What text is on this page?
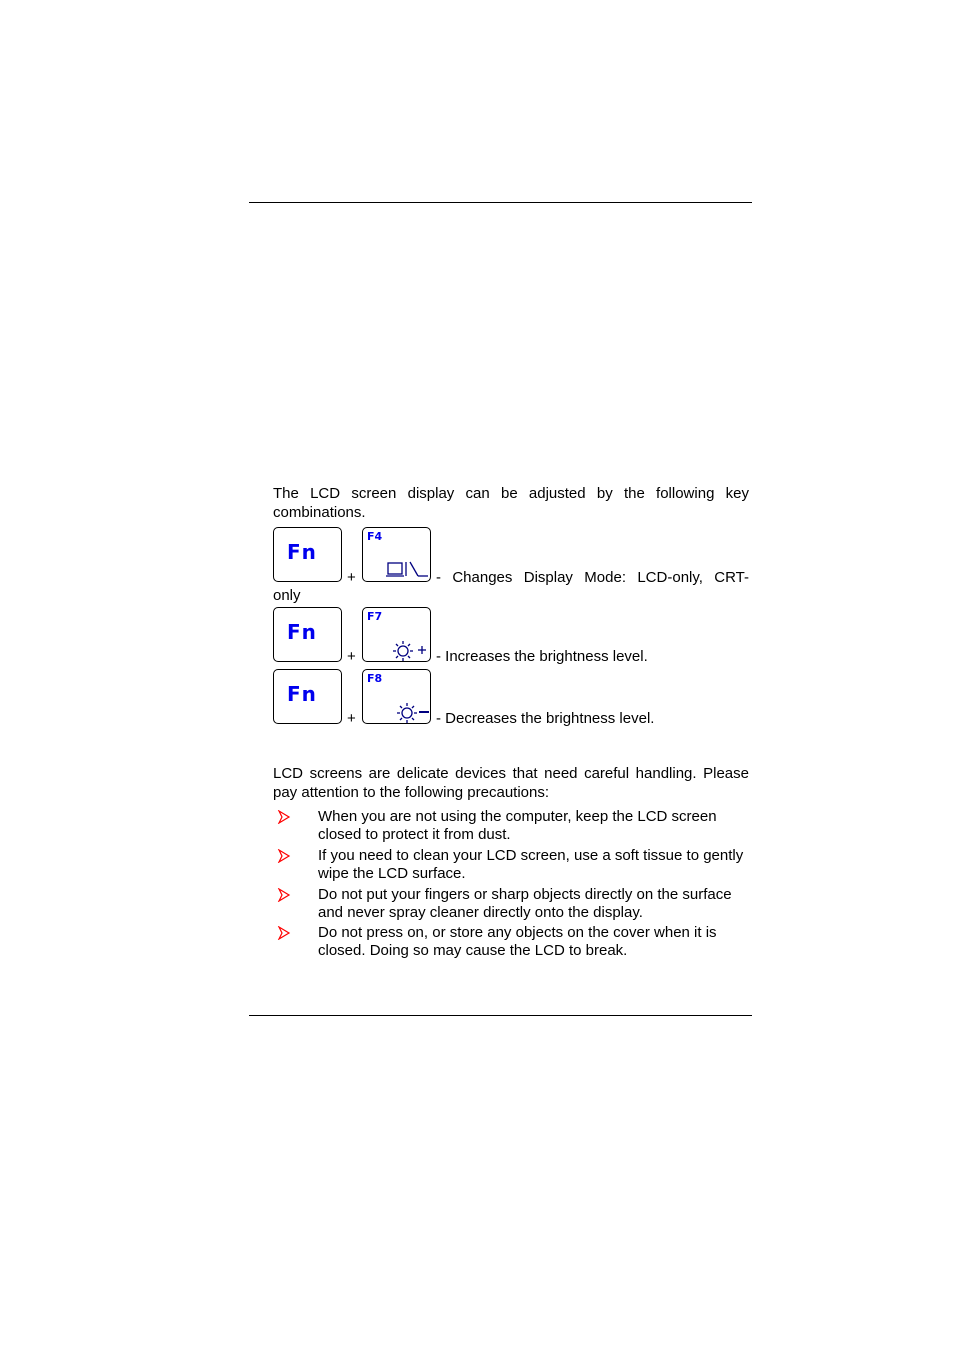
The LCD screen display can be adjusted by the following key combinations.
Fn
+
F4
- Changes Display Mode: LCD-only, CRT-
only
Fn
+
F7
- Increases the brightness level.
Fn
+
F8
- Decreases the brightness level.
LCD screens are delicate devices that need careful handling. Please pay attention to the following precautions:
When you are not using the computer, keep the LCD screen closed to protect it from dust.
If you need to clean your LCD screen, use a soft tissue to gently wipe the LCD surface.
Do not put your fingers or sharp objects directly on the surface and never spray cleaner directly onto the display.
Do not press on, or store any objects on the cover when it is closed. Doing so may cause the LCD to break.
